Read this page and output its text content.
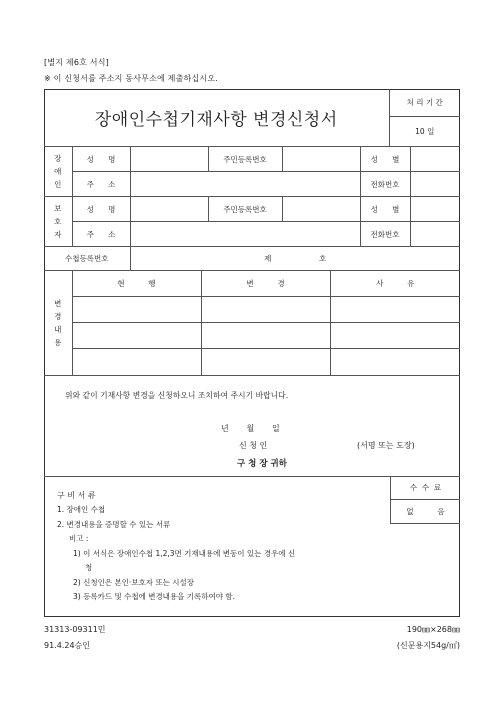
[별지 제6호 서식]
※ 이 신청서를 주소지 동사무소에 제출하십시오.
장애인수첩기재사항 변경신청서	처 리 기 간
10 일
장
애
인	성      명		주민등록번호		성      별	
	주      소				전화번호	

보
호
자	성      명		주민등록번호		성      별	
	주      소				전화번호	
수첩등록번호		제                    호				
변
경
내
용	현          행	변          경	사          유

위와 같이 기재사항 변경을 신청하오니 조치하여 주시기 바랍니다.
년       월       일
신 청 인	(서명 또는 도장)
구 청 장 귀하
구 비 서 류
1. 장애인 수첩
2. 변경내용을 증명할 수 있는 서류
비고 :
1) 이 서식은 장애인수첩 1,2,3면 기재내용에 변동이 있는 경우에 신
청
2) 신청인은 본인·보호자 또는 시설장
3) 등록카드 및 수첩에 변경내용을 기록하여야 함.
수  수  료
없          음
31313-09311민
91.4.24승인
190㎜×268㎜
(신문용지54g/㎡)
